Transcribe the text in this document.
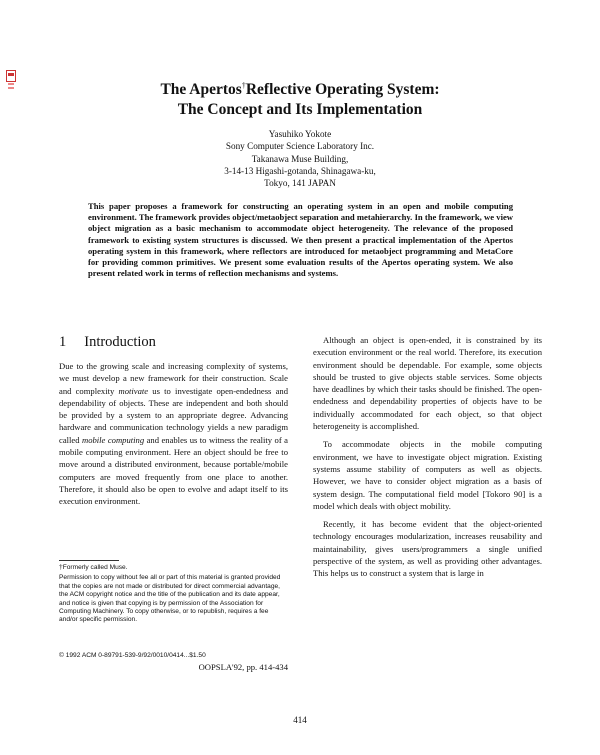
The Apertos†Reflective Operating System:
The Concept and Its Implementation
Yasuhiko Yokote
Sony Computer Science Laboratory Inc.
Takanawa Muse Building,
3-14-13 Higashi-gotanda, Shinagawa-ku,
Tokyo, 141 JAPAN
This paper proposes a framework for constructing an operating system in an open and mobile computing environment. The framework provides object/metaobject separation and metahierarchy. In the framework, we view object migration as a basic mechanism to accommodate object heterogeneity. The relevance of the proposed framework to existing system structures is discussed. We then present a practical implementation of the Apertos operating system in this framework, where reflectors are introduced for metaobject programming and MetaCore for providing common primitives. We present some evaluation results of the Apertos operating system. We also present related work in terms of reflection mechanisms and systems.
1 Introduction

Due to the growing scale and increasing complexity of systems, we must develop a new framework for their construction. Scale and complexity motivate us to investigate open-endedness and dependability of objects. These are independent and both should be provided by a system to an appropriate degree. Advancing hardware and communication technology yields a new paradigm called mobile computing and enables us to witness the reality of a mobile computing environment. Here an object should be free to move around a distributed environment, because portable/mobile computers are moved frequently from one place to another. Therefore, it should also be open to evolve and adapt itself to its execution environment.

†Formerly called Muse.
Permission to copy without fee all or part of this material is granted provided that the copies are not made or distributed for direct commercial advantage, the ACM copyright notice and the title of the publication and its date appear, and notice is given that copying is by permission of the Association for Computing Machinery. To copy otherwise, or to republish, requires a fee and/or specific permission.
© 1992 ACM 0-89791-539-9/92/0010/0414...$1.50
OOPSLA'92, pp. 414-434

Although an object is open-ended, it is constrained by its execution environment or the real world. Therefore, its execution environment should be dependable. For example, some objects should be trusted to give objects stable services. Some objects have deadlines by which their tasks should be finished. The open-endedness and dependability properties of objects have to be individually accommodated for each object, so that object heterogeneity is accomplished.

To accommodate objects in the mobile computing environment, we have to investigate object migration. Existing systems assume stability of computers as well as objects. However, we have to consider object migration as a basis of system design. The computational field model [Tokoro 90] is a model which deals with object mobility.

Recently, it has become evident that the object-oriented technology encourages modularization, increases reusability and maintainability, gives users/programmers a single unified perspective of the system, as well as providing other advantages. This helps us to construct a system that is large in

414
